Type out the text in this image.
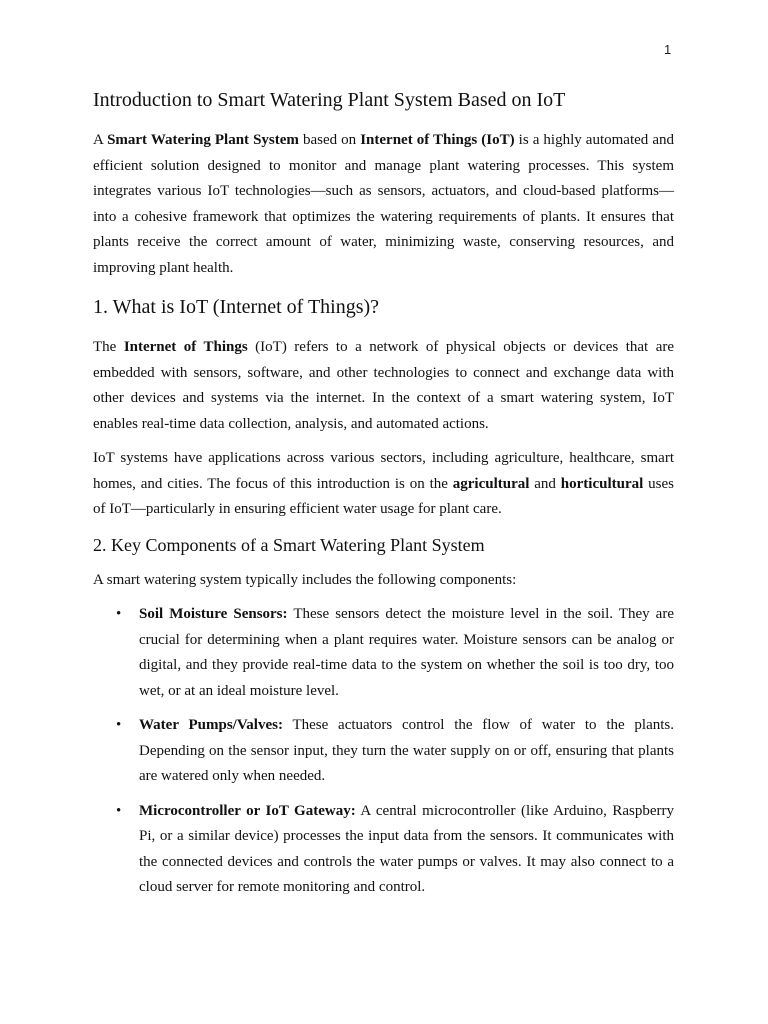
1
Introduction to Smart Watering Plant System Based on IoT

A Smart Watering Plant System based on Internet of Things (IoT) is a highly automated and efficient solution designed to monitor and manage plant watering processes. This system integrates various IoT technologies—such as sensors, actuators, and cloud-based platforms—into a cohesive framework that optimizes the watering requirements of plants. It ensures that plants receive the correct amount of water, minimizing waste, conserving resources, and improving plant health.

1. What is IoT (Internet of Things)?

The Internet of Things (IoT) refers to a network of physical objects or devices that are embedded with sensors, software, and other technologies to connect and exchange data with other devices and systems via the internet. In the context of a smart watering system, IoT enables real-time data collection, analysis, and automated actions.

IoT systems have applications across various sectors, including agriculture, healthcare, smart homes, and cities. The focus of this introduction is on the agricultural and horticultural uses of IoT—particularly in ensuring efficient water usage for plant care.

2. Key Components of a Smart Watering Plant System

A smart watering system typically includes the following components:

• Soil Moisture Sensors: These sensors detect the moisture level in the soil. They are crucial for determining when a plant requires water. Moisture sensors can be analog or digital, and they provide real-time data to the system on whether the soil is too dry, too wet, or at an ideal moisture level.

• Water Pumps/Valves: These actuators control the flow of water to the plants. Depending on the sensor input, they turn the water supply on or off, ensuring that plants are watered only when needed.

• Microcontroller or IoT Gateway: A central microcontroller (like Arduino, Raspberry Pi, or a similar device) processes the input data from the sensors. It communicates with the connected devices and controls the water pumps or valves. It may also connect to a cloud server for remote monitoring and control.
